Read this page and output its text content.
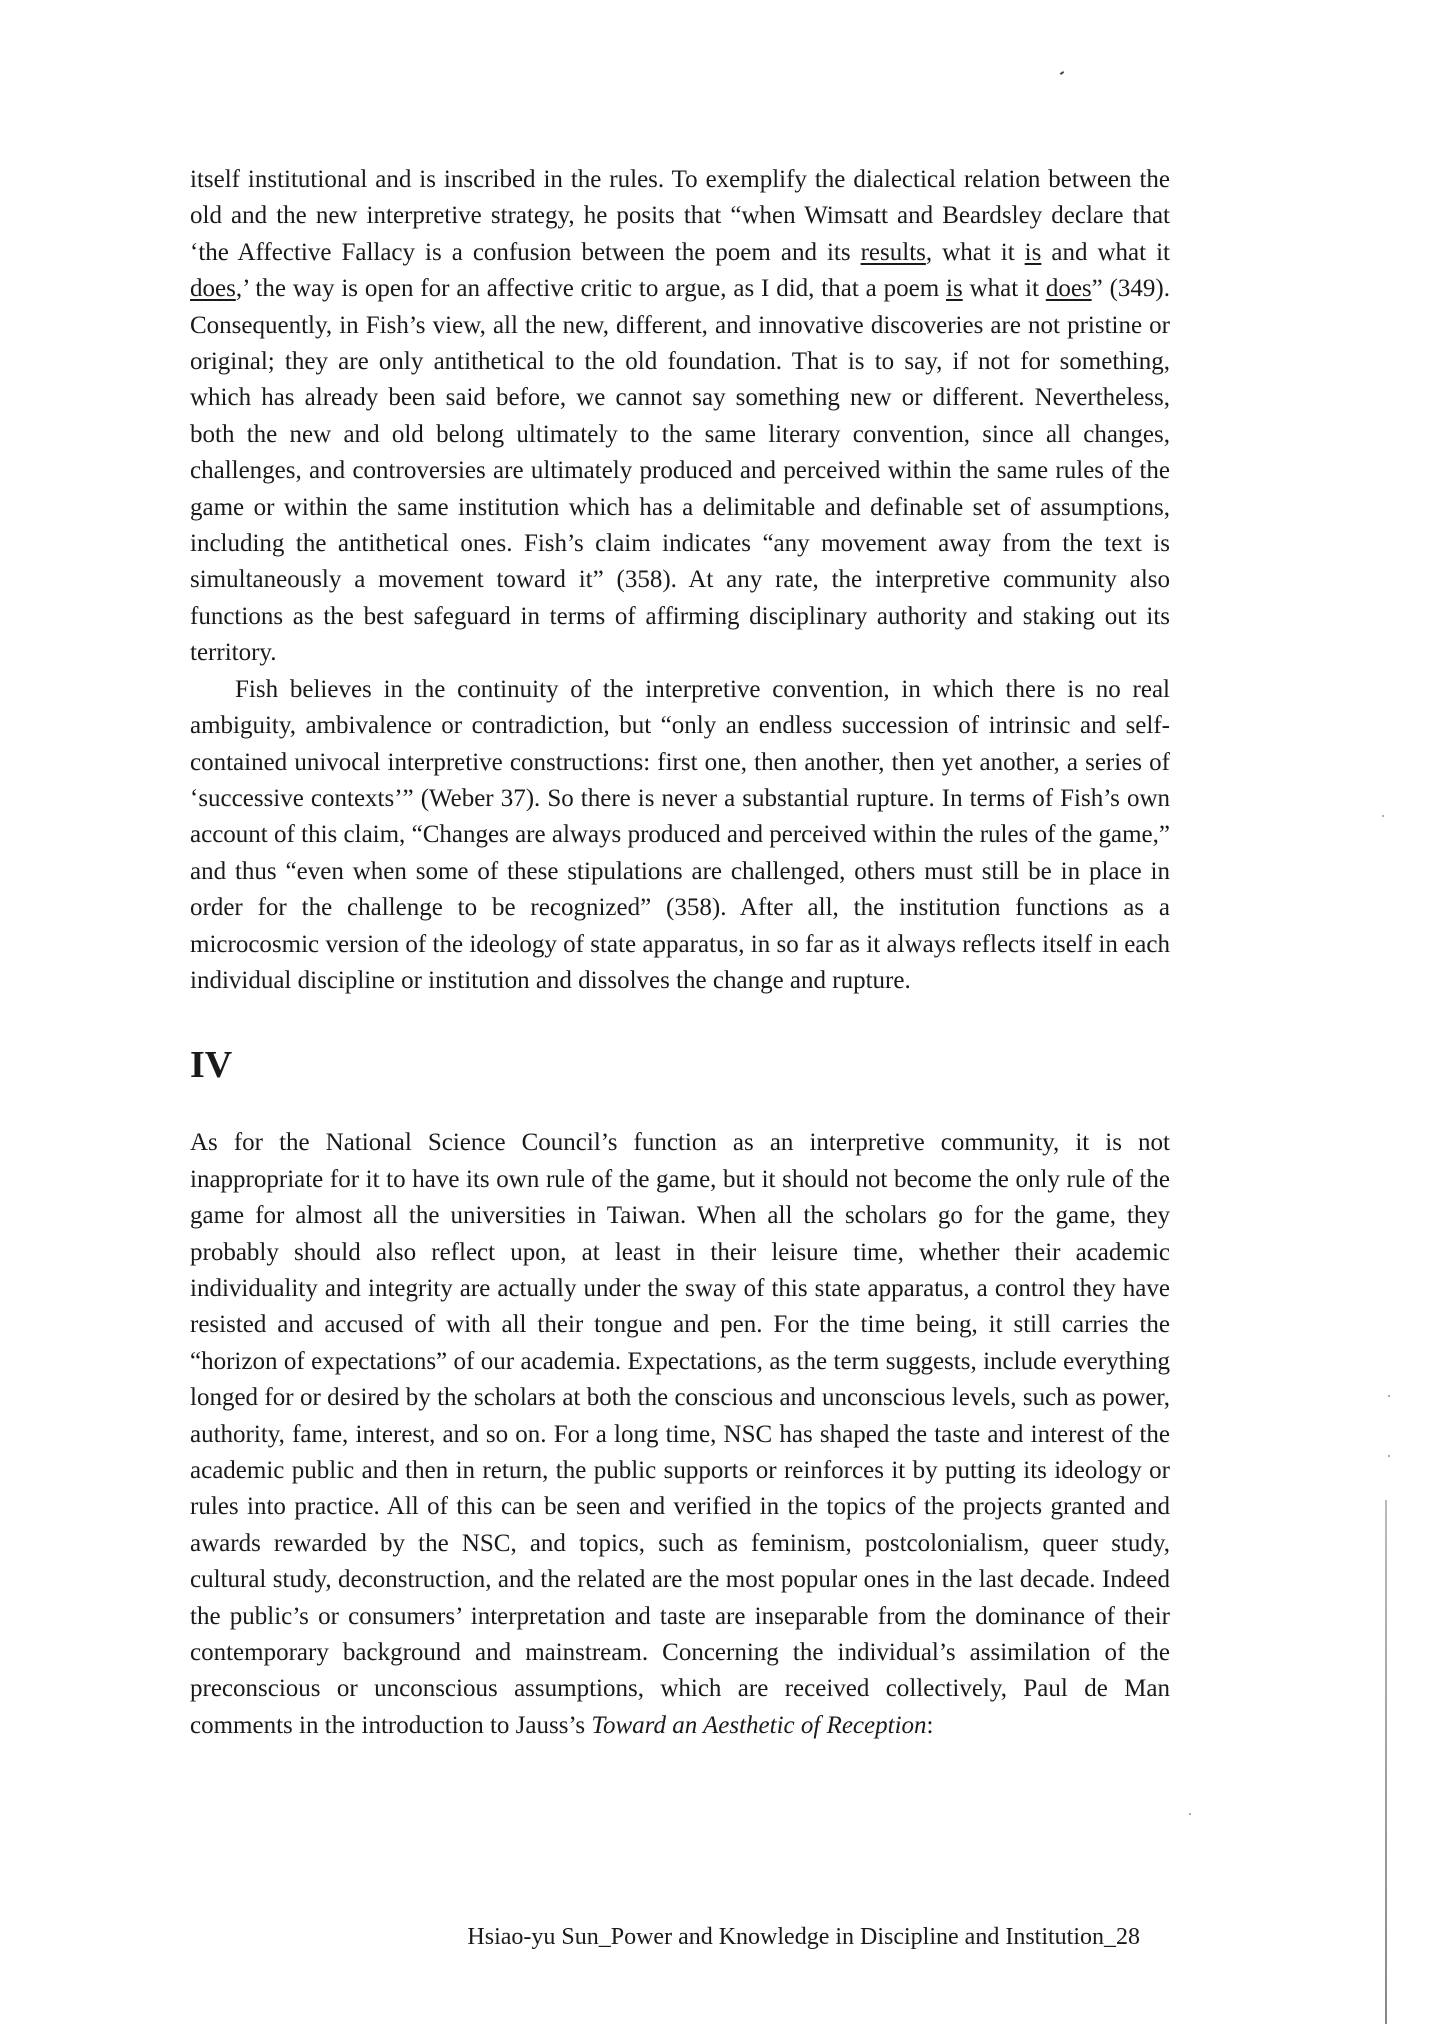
itself institutional and is inscribed in the rules. To exemplify the dialectical relation between the old and the new interpretive strategy, he posits that “when Wimsatt and Beardsley declare that ‘the Affective Fallacy is a confusion between the poem and its results, what it is and what it does,’ the way is open for an affective critic to argue, as I did, that a poem is what it does” (349). Consequently, in Fish’s view, all the new, different, and innovative discoveries are not pristine or original; they are only antithetical to the old foundation. That is to say, if not for something, which has already been said before, we cannot say something new or different. Nevertheless, both the new and old belong ultimately to the same literary convention, since all changes, challenges, and controversies are ultimately produced and perceived within the same rules of the game or within the same institution which has a delimitable and definable set of assumptions, including the antithetical ones. Fish’s claim indicates “any movement away from the text is simultaneously a movement toward it” (358). At any rate, the interpretive community also functions as the best safeguard in terms of affirming disciplinary authority and staking out its territory.

Fish believes in the continuity of the interpretive convention, in which there is no real ambiguity, ambivalence or contradiction, but “only an endless succession of intrinsic and self-contained univocal interpretive constructions: first one, then another, then yet another, a series of ‘successive contexts’” (Weber 37). So there is never a substantial rupture. In terms of Fish’s own account of this claim, “Changes are always produced and perceived within the rules of the game,” and thus “even when some of these stipulations are challenged, others must still be in place in order for the challenge to be recognized” (358). After all, the institution functions as a microcosmic version of the ideology of state apparatus, in so far as it always reflects itself in each individual discipline or institution and dissolves the change and rupture.

IV

As for the National Science Council’s function as an interpretive community, it is not inappropriate for it to have its own rule of the game, but it should not become the only rule of the game for almost all the universities in Taiwan. When all the scholars go for the game, they probably should also reflect upon, at least in their leisure time, whether their academic individuality and integrity are actually under the sway of this state apparatus, a control they have resisted and accused of with all their tongue and pen. For the time being, it still carries the “horizon of expectations” of our academia. Expectations, as the term suggests, include everything longed for or desired by the scholars at both the conscious and unconscious levels, such as power, authority, fame, interest, and so on. For a long time, NSC has shaped the taste and interest of the academic public and then in return, the public supports or reinforces it by putting its ideology or rules into practice. All of this can be seen and verified in the topics of the projects granted and awards rewarded by the NSC, and topics, such as feminism, postcolonialism, queer study, cultural study, deconstruction, and the related are the most popular ones in the last decade. Indeed the public’s or consumers’ interpretation and taste are inseparable from the dominance of their contemporary background and mainstream. Concerning the individual’s assimilation of the preconscious or unconscious assumptions, which are received collectively, Paul de Man comments in the introduction to Jauss’s Toward an Aesthetic of Reception:

Hsiao-yu Sun_Power and Knowledge in Discipline and Institution_28
